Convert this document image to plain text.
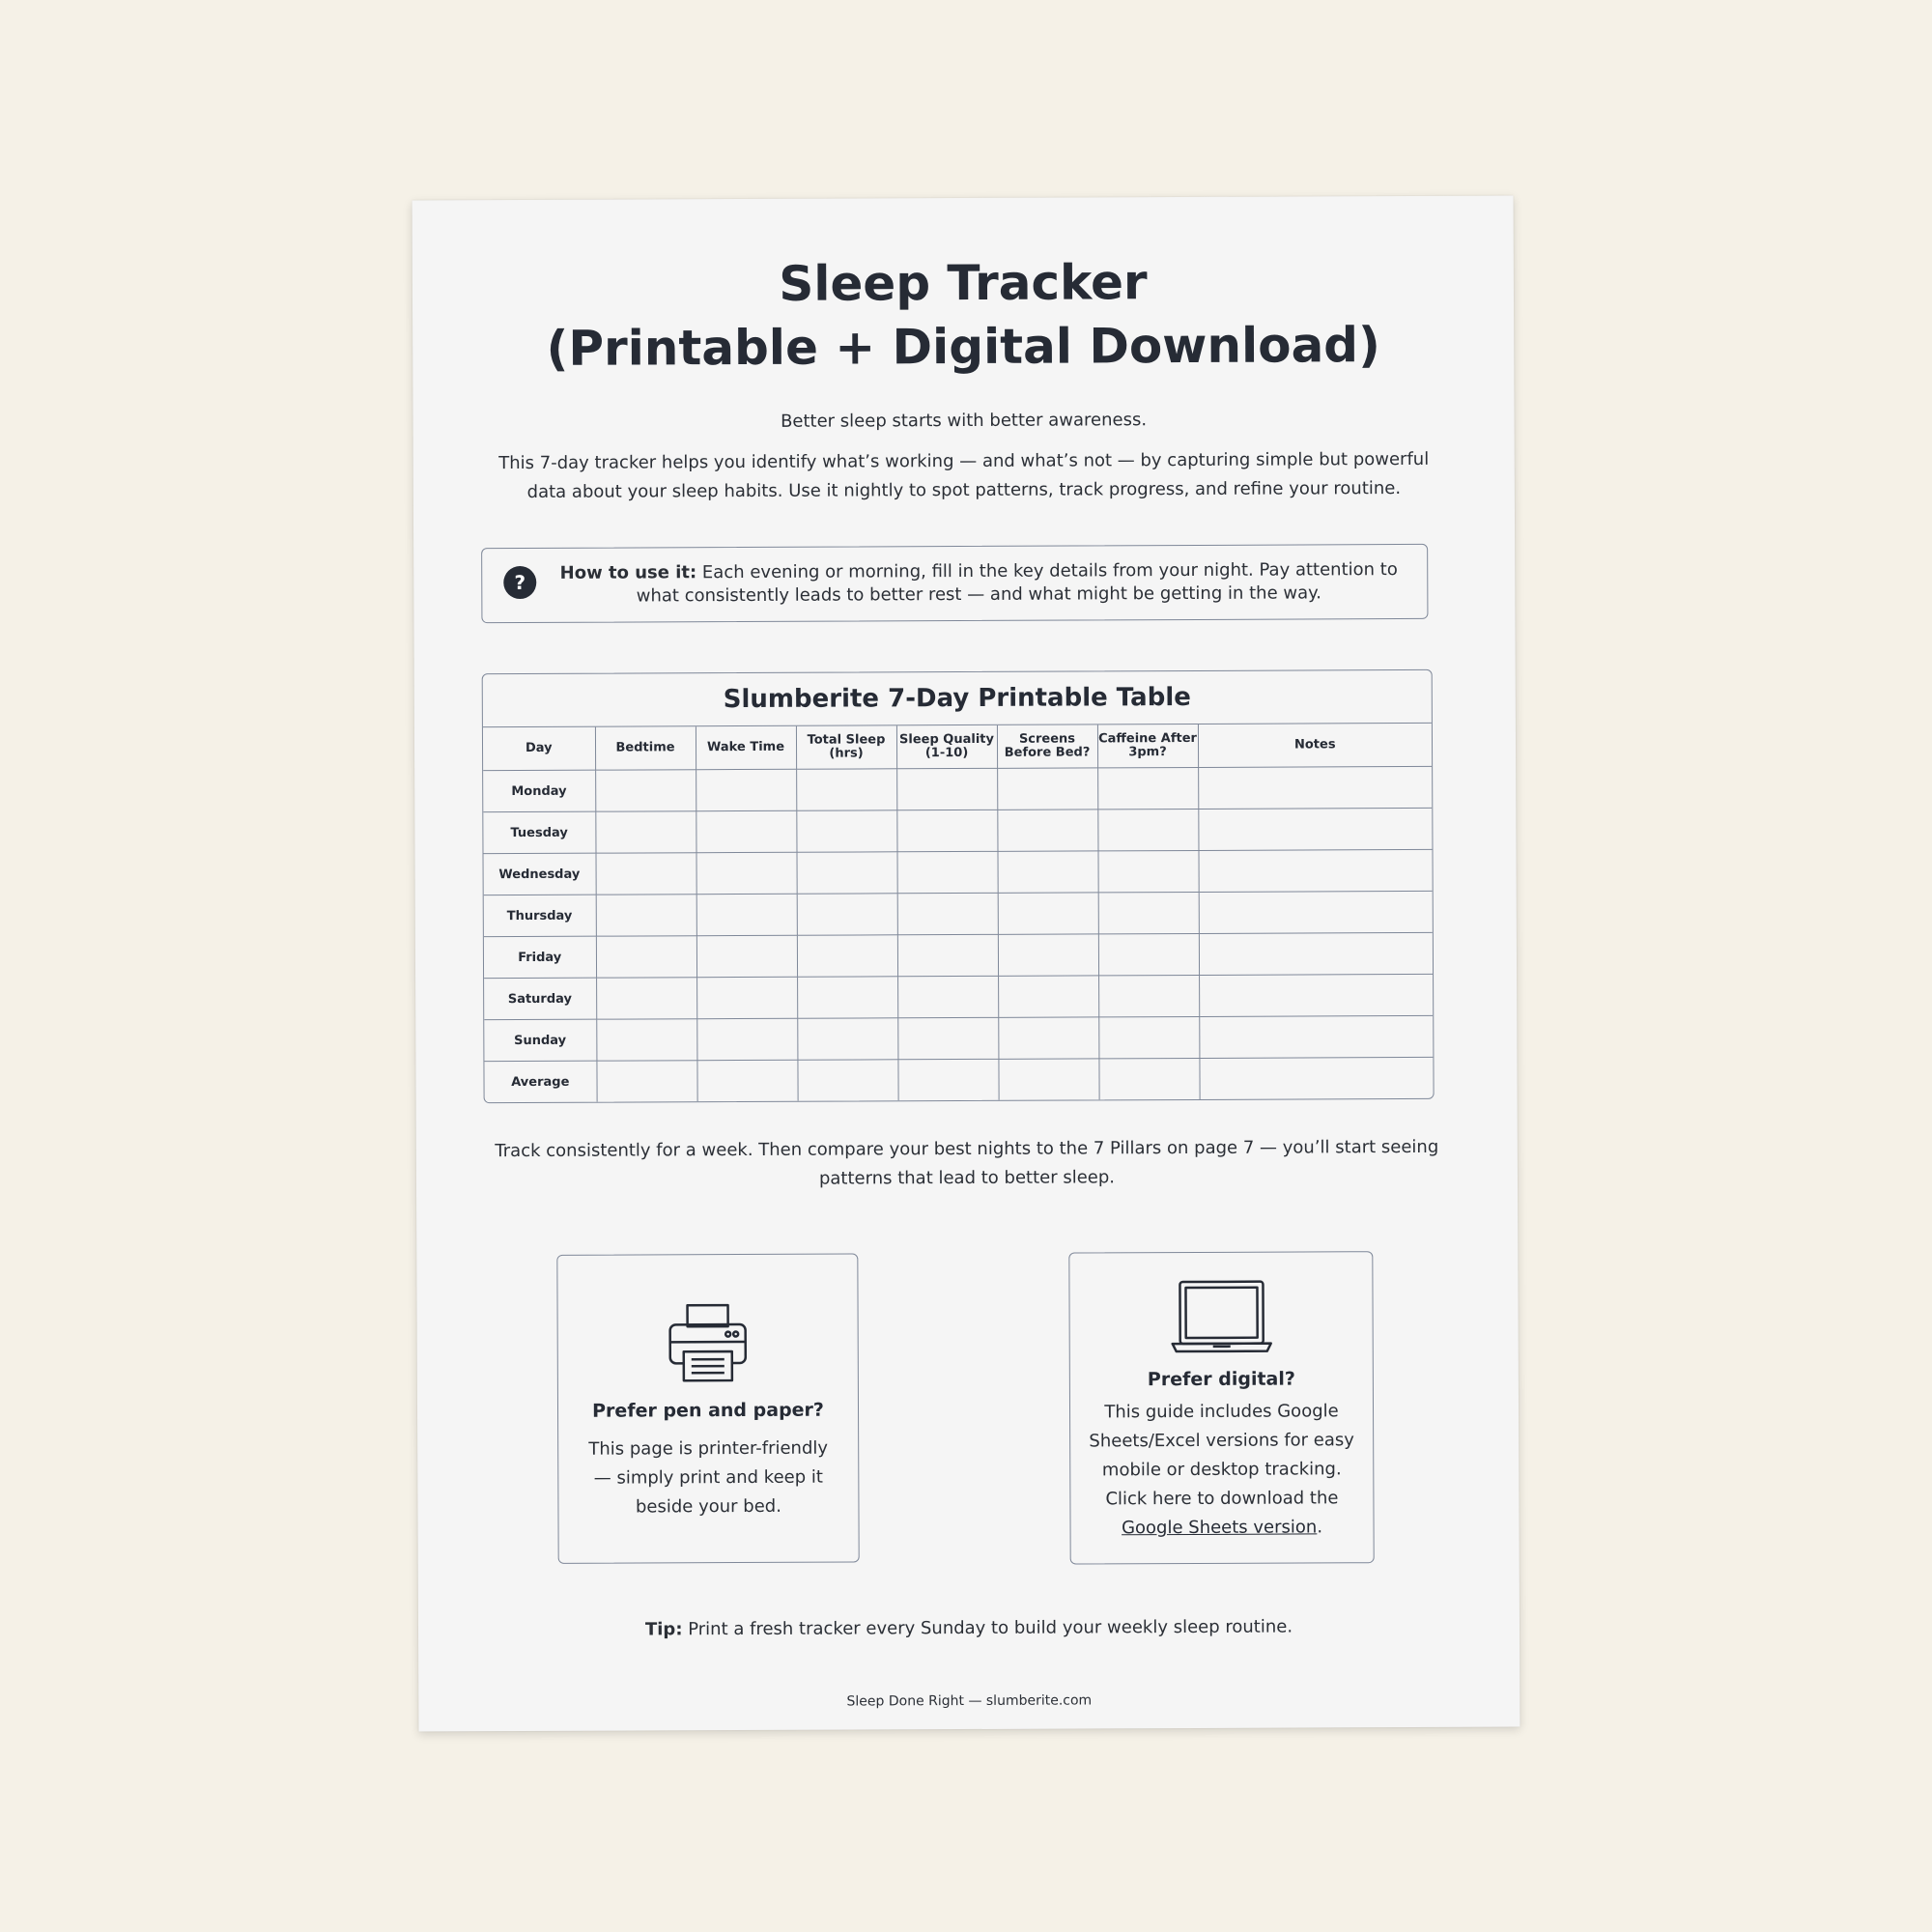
Sleep Tracker
(Printable + Digital Download)
Better sleep starts with better awareness.
This 7-day tracker helps you identify what’s working — and what’s not — by capturing simple but powerful data about your sleep habits. Use it nightly to spot patterns, track progress, and refine your routine.
?	How to use it: Each evening or morning, fill in the key details from your night. Pay attention to what consistently leads to better rest — and what might be getting in the way.
Slumberite 7-Day Printable Table
Day	Bedtime	Wake Time	Total Sleep (hrs)	Sleep Quality (1-10)	Screens Before Bed?	Caffeine After 3pm?	Notes
Monday							
Tuesday							
Wednesday							
Thursday							
Friday							
Saturday							
Sunday							
Average							
Track consistently for a week. Then compare your best nights to the 7 Pillars on page 7 — you’ll start seeing patterns that lead to better sleep.
Prefer pen and paper?
This page is printer-friendly — simply print and keep it beside your bed.
Prefer digital?
This guide includes Google Sheets/Excel versions for easy mobile or desktop tracking. Click here to download the Google Sheets version.
Tip: Print a fresh tracker every Sunday to build your weekly sleep routine.
Sleep Done Right — slumberite.com
